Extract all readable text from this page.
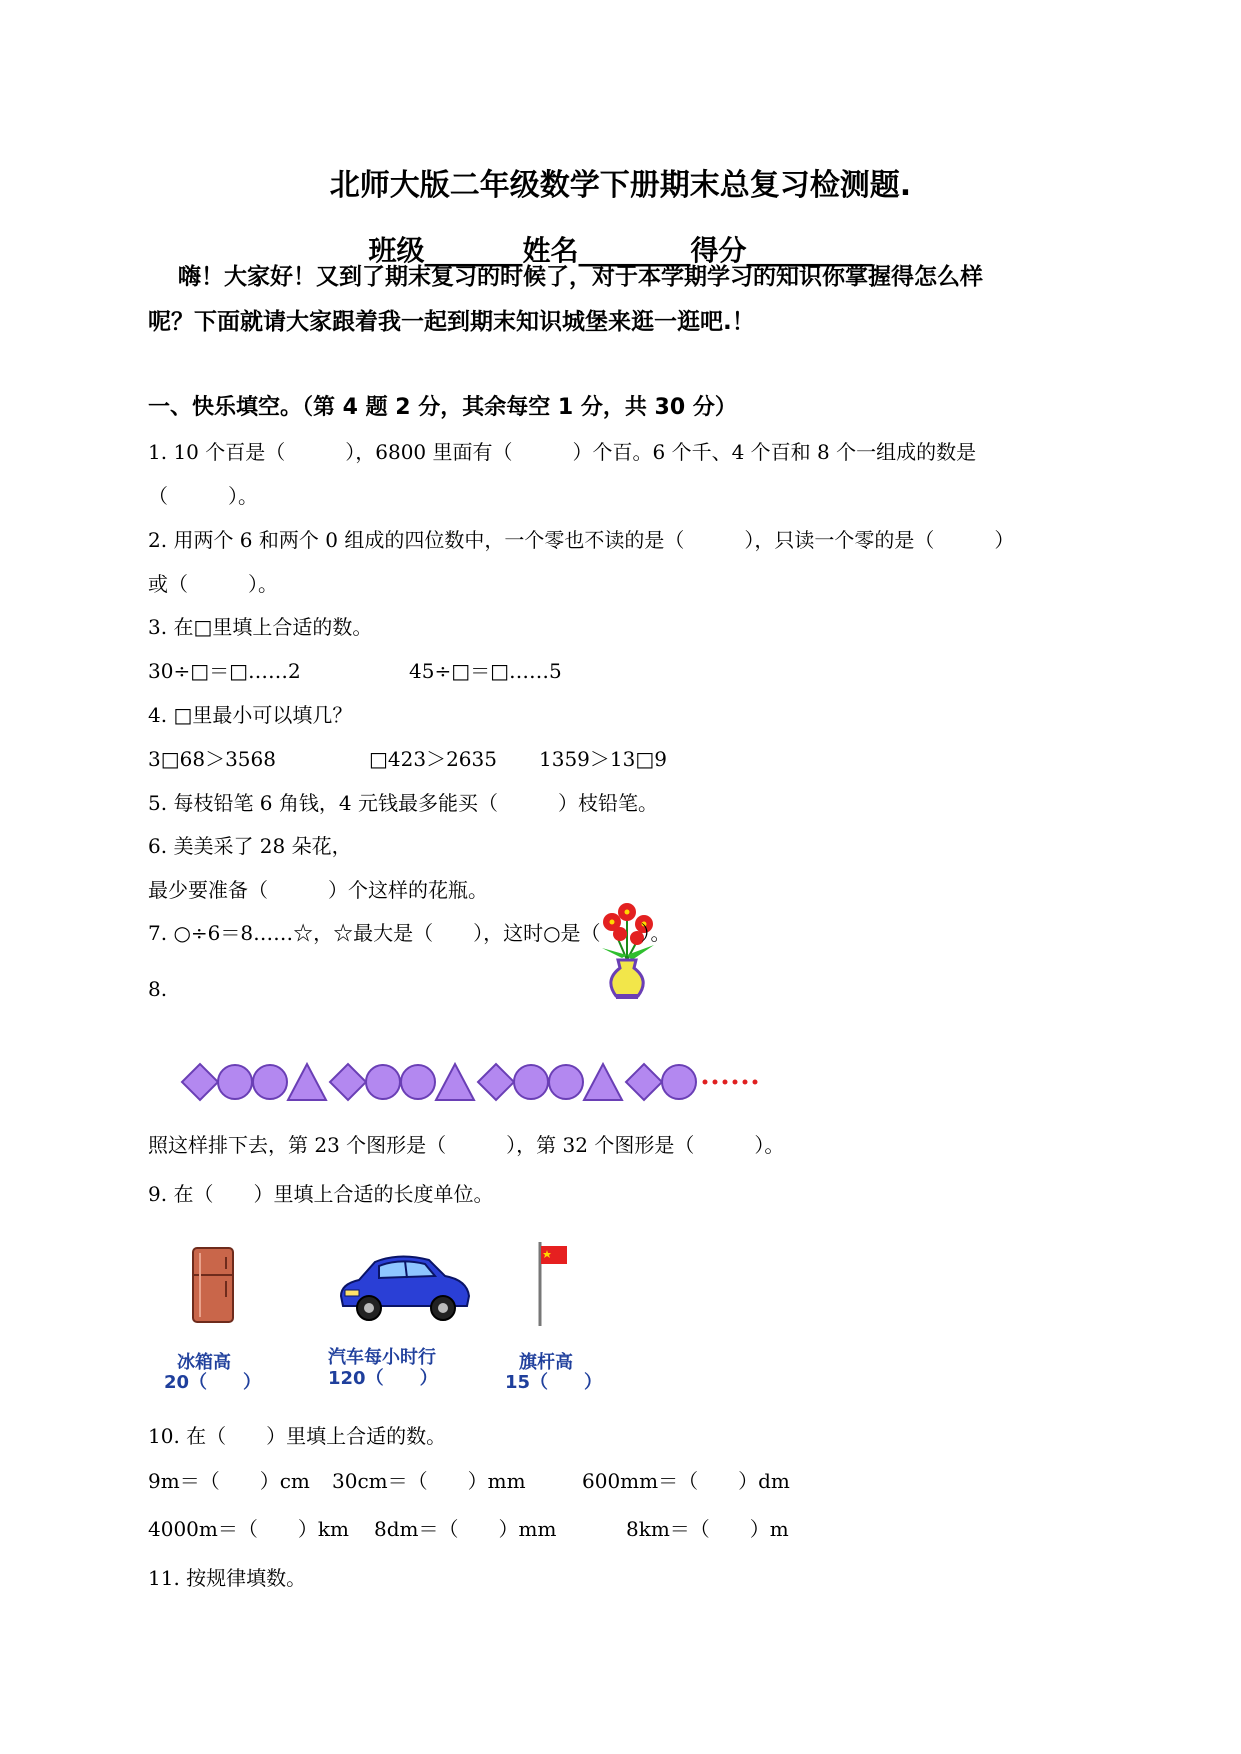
北师大版二年级数学下册期末总复习检测题.
班级_______姓名________得分_________
嗨！大家好！又到了期末复习的时候了，对于本学期学习的知识你掌握得怎么样
呢？下面就请大家跟着我一起到期末知识城堡来逛一逛吧.！
一、快乐填空。（第 4 题 2 分，其余每空 1 分，共 30 分）
1. 10 个百是（　　　），6800 里面有（　　　）个百。6 个千、4 个百和 8 个一组成的数是
（　　　）。
2. 用两个 6 和两个 0 组成的四位数中，一个零也不读的是（　　　），只读一个零的是（　　　）
或（　　　）。
3. 在□里填上合适的数。
30÷□＝□……2	45÷□＝□……5
4. □里最小可以填几？
3□68＞3568	□423＞2635 1359＞13□9
5. 每枝铅笔 6 角钱，4 元钱最多能买（　　　）枝铅笔。
6. 美美采了 28 朵花，
最少要准备（　　　）个这样的花瓶。
7. ○÷6＝8……☆，☆最大是（　　），这时○是（　　）。
8.
照这样排下去，第 23 个图形是（　　　），第 32 个图形是（　　　）。
9. 在（　　）里填上合适的长度单位。
冰箱高
20（　　）
汽车每小时行
120（　　）
旗杆高
15（　　）
10. 在（　　）里填上合适的数。
9m＝（　　）cm 30cm＝（　　）mm	600mm＝（　　）dm
4000m＝（　　）km 8dm＝（　　）mm	8km＝（　　）m
11. 按规律填数。
